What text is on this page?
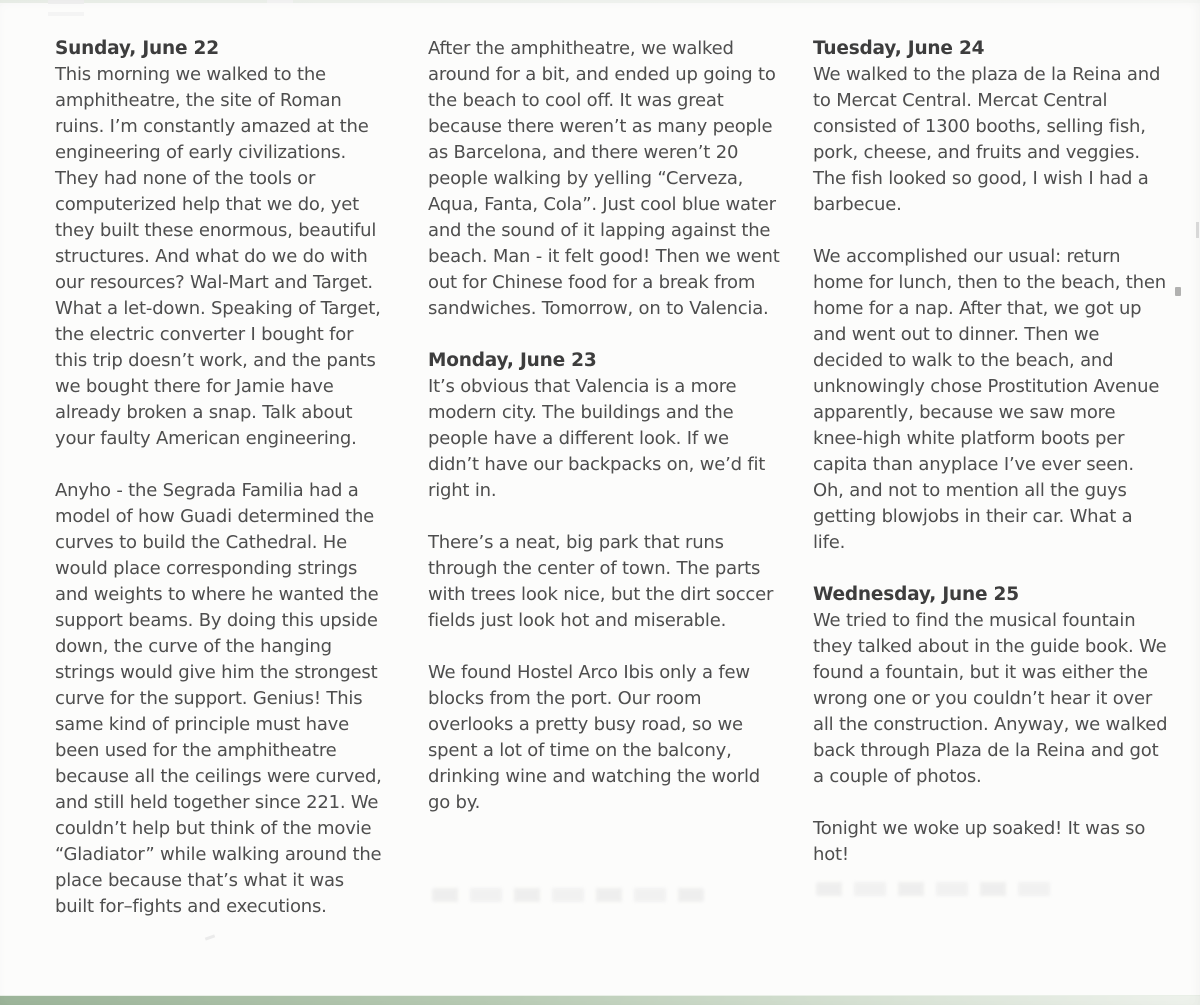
Sunday, June 22

This morning we walked to the amphitheatre, the site of Roman ruins. I’m constantly amazed at the engineering of early civilizations. They had none of the tools or computerized help that we do, yet they built these enormous, beautiful structures. And what do we do with our resources? Wal-Mart and Target. What a let-down. Speaking of Target, the electric converter I bought for this trip doesn’t work, and the pants we bought there for Jamie have already broken a snap. Talk about your faulty American engineering.

Anyho - the Segrada Familia had a model of how Guadi determined the curves to build the Cathedral. He would place corresponding strings and weights to where he wanted the support beams. By doing this upside down, the curve of the hanging strings would give him the strongest curve for the support. Genius! This same kind of principle must have been used for the amphitheatre because all the ceilings were curved, and still held together since 221. We couldn’t help but think of the movie “Gladiator” while walking around the place because that’s what it was built for–fights and executions.

After the amphitheatre, we walked around for a bit, and ended up going to the beach to cool off. It was great because there weren’t as many people as Barcelona, and there weren’t 20 people walking by yelling “Cerveza, Aqua, Fanta, Cola”. Just cool blue water and the sound of it lapping against the beach. Man - it felt good! Then we went out for Chinese food for a break from sandwiches. Tomorrow, on to Valencia.

Monday, June 23

It’s obvious that Valencia is a more modern city. The buildings and the people have a different look. If we didn’t have our backpacks on, we’d fit right in.

There’s a neat, big park that runs through the center of town. The parts with trees look nice, but the dirt soccer fields just look hot and miserable.

We found Hostel Arco Ibis only a few blocks from the port. Our room overlooks a pretty busy road, so we spent a lot of time on the balcony, drinking wine and watching the world go by.

Tuesday, June 24

We walked to the plaza de la Reina and to Mercat Central. Mercat Central consisted of 1300 booths, selling fish, pork, cheese, and fruits and veggies. The fish looked so good, I wish I had a barbecue.

We accomplished our usual: return home for lunch, then to the beach, then home for a nap. After that, we got up and went out to dinner. Then we decided to walk to the beach, and unknowingly chose Prostitution Avenue apparently, because we saw more knee-high white platform boots per capita than anyplace I’ve ever seen. Oh, and not to mention all the guys getting blowjobs in their car. What a life.

Wednesday, June 25

We tried to find the musical fountain they talked about in the guide book. We found a fountain, but it was either the wrong one or you couldn’t hear it over all the construction. Anyway, we walked back through Plaza de la Reina and got a couple of photos.

Tonight we woke up soaked! It was so hot!
